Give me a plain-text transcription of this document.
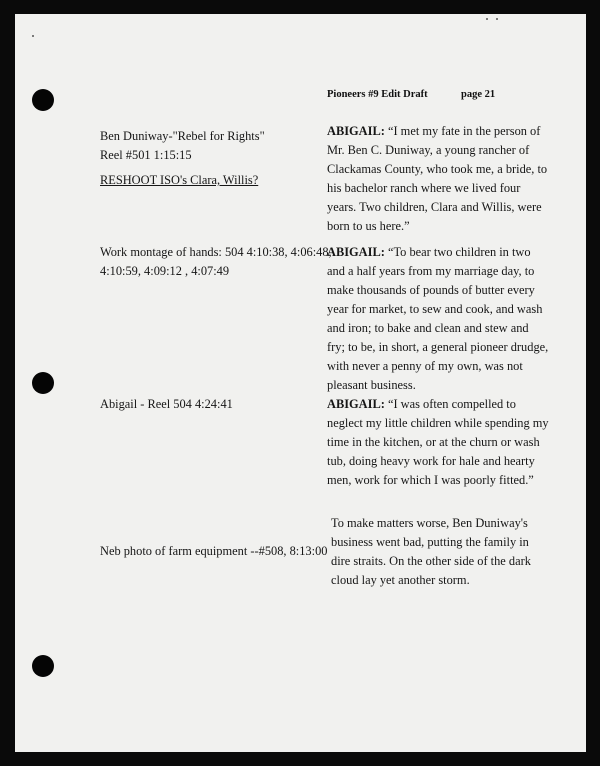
Pioneers #9 Edit Draft	page 21
Ben Duniway-"Rebel for Rights"
Reel #501 1:15:15
RESHOOT ISO's Clara, Willis?

ABIGAIL: “I met my fate in the person of Mr. Ben C. Duniway, a young rancher of Clackamas County, who took me, a bride, to his bachelor ranch where we lived four years. Two children, Clara and Willis, were born to us here.”

Work montage of hands: 504 4:10:38, 4:06:48,
4:10:59, 4:09:12 , 4:07:49

ABIGAIL: “To bear two children in two and a half years from my marriage day, to make thousands of pounds of butter every year for market, to sew and cook, and wash and iron; to bake and clean and stew and fry; to be, in short, a general pioneer drudge, with never a penny of my own, was not pleasant business.

Abigail - Reel 504 4:24:41	ABIGAIL: “I was often compelled to neglect my little children while spending my time in the kitchen, or at the churn or wash tub, doing heavy work for hale and hearty men, work for which I was poorly fitted.”

Neb photo of farm equipment --#508, 8:13:00

To make matters worse, Ben Duniway's business went bad, putting the family in dire straits. On the other side of the dark cloud lay yet another storm.
